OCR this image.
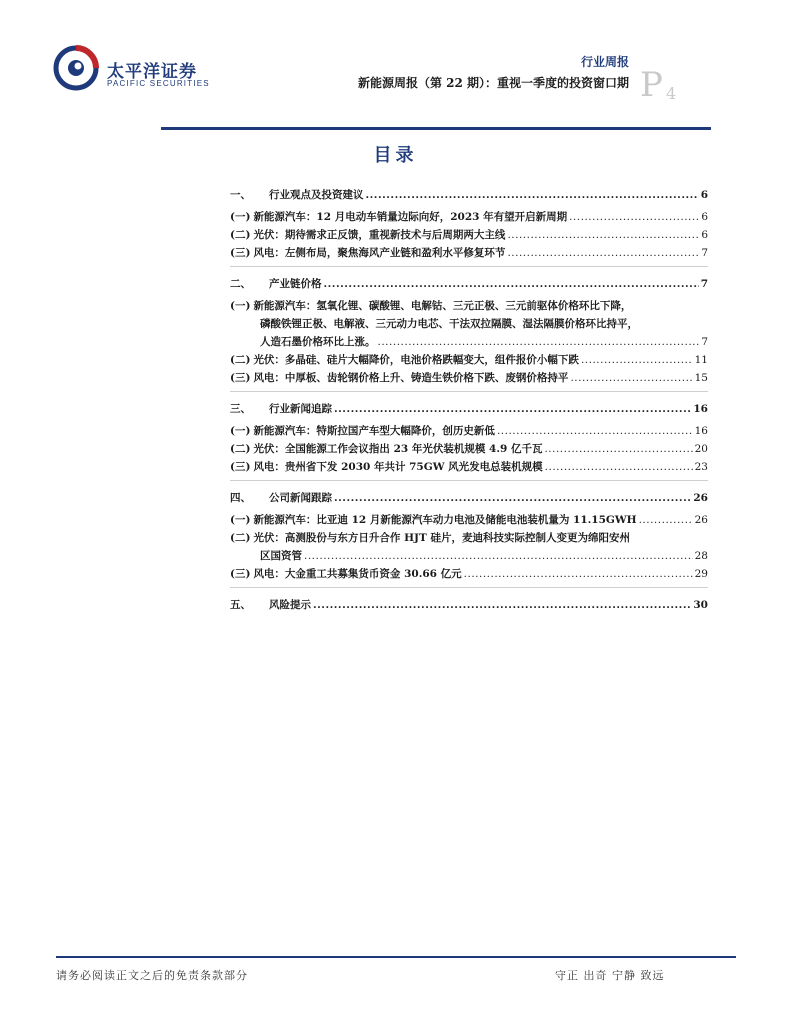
太平洋证券
PACIFIC SECURITIES
行业周报
新能源周报（第 22 期）：重视一季度的投资窗口期 P 4
目录
一、	行业观点及投资建议 .....	6
(一) 新能源汽车：12 月电动车销量边际向好，2023 年有望开启新周期 .....	6
(二) 光伏：期待需求正反馈，重视新技术与后周期两大主线 .....	6
(三) 风电：左侧布局，聚焦海风产业链和盈利水平修复环节 .....	7
二、	产业链价格 .....	7
(一) 新能源汽车：氢氧化锂、碳酸锂、电解钴、三元正极、三元前驱体价格环比下降，
磷酸铁锂正极、电解液、三元动力电芯、干法双拉隔膜、湿法隔膜价格环比持平，
人造石墨价格环比上涨。 .....	7
(二) 光伏：多晶硅、硅片大幅降价，电池价格跌幅变大，组件报价小幅下跌 .....	11
(三) 风电：中厚板、齿轮钢价格上升、铸造生铁价格下跌、废钢价格持平 .....	15
三、	行业新闻追踪 .....	16
(一) 新能源汽车：特斯拉国产车型大幅降价，创历史新低 .....	16
(二) 光伏：全国能源工作会议指出 23 年光伏装机规模 4.9 亿千瓦 .....	20
(三) 风电：贵州省下发 2030 年共计 75GW 风光发电总装机规模 .....	23
四、	公司新闻跟踪 .....	26
(一) 新能源汽车：比亚迪 12 月新能源汽车动力电池及储能电池装机量为 11.15GWH .....	26
(二) 光伏：高测股份与东方日升合作 HJT 硅片，麦迪科技实际控制人变更为绵阳安州
区国资管 .....	28
(三) 风电：大金重工共募集货币资金 30.66 亿元 .....	29
五、	风险提示 .....	30
请务必阅读正文之后的免责条款部分	守正 出奇 宁静 致远
